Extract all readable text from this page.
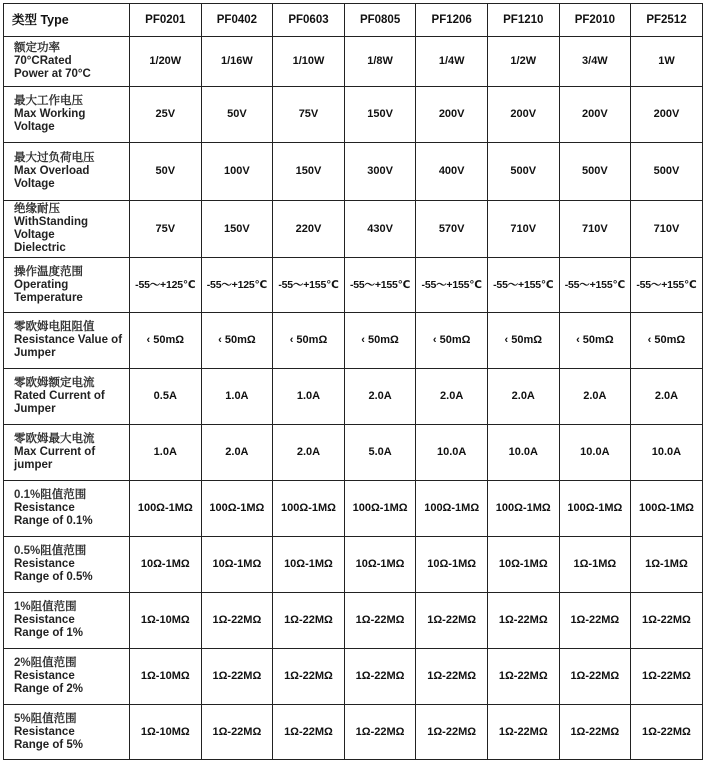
类型 Type	PF0201	PF0402	PF0603	PF0805	PF1206	PF1210	PF2010	PF2512

额定功率
70°CRated
Power at 70°C	1/20W	1/16W	1/10W	1/8W	1/4W	1/2W	3/4W	1W

最大工作电压
Max Working
Voltage	25V	50V	75V	150V	200V	200V	200V	200V

最大过负荷电压
Max Overload
Voltage	50V	100V	150V	300V	400V	500V	500V	500V

绝缘耐压
WithStanding Voltage
Dielectric	75V	150V	220V	430V	570V	710V	710V	710V

操作温度范围
Operating
Temperature	-55～+125℃	-55～+125℃	-55～+155℃	-55～+155℃	-55～+155℃	-55～+155℃	-55～+155℃	-55～+155℃

零欧姆电阻阻值
Resistance Value of
Jumper	‹ 50mΩ	‹ 50mΩ	‹ 50mΩ	‹ 50mΩ	‹ 50mΩ	‹ 50mΩ	‹ 50mΩ	‹ 50mΩ

零欧姆额定电流
Rated Current of
Jumper	0.5A	1.0A	1.0A	2.0A	2.0A	2.0A	2.0A	2.0A

零欧姆最大电流
Max Current of
jumper	1.0A	2.0A	2.0A	5.0A	10.0A	10.0A	10.0A	10.0A

0.1%阻值范围
Resistance
Range of 0.1%	100Ω-1MΩ	100Ω-1MΩ	100Ω-1MΩ	100Ω-1MΩ	100Ω-1MΩ	100Ω-1MΩ	100Ω-1MΩ	100Ω-1MΩ

0.5%阻值范围
Resistance
Range of 0.5%	10Ω-1MΩ	10Ω-1MΩ	10Ω-1MΩ	10Ω-1MΩ	10Ω-1MΩ	10Ω-1MΩ	1Ω-1MΩ	1Ω-1MΩ

1%阻值范围
Resistance
Range of 1%	1Ω-10MΩ	1Ω-22MΩ	1Ω-22MΩ	1Ω-22MΩ	1Ω-22MΩ	1Ω-22MΩ	1Ω-22MΩ	1Ω-22MΩ

2%阻值范围
Resistance
Range of 2%	1Ω-10MΩ	1Ω-22MΩ	1Ω-22MΩ	1Ω-22MΩ	1Ω-22MΩ	1Ω-22MΩ	1Ω-22MΩ	1Ω-22MΩ

5%阻值范围
Resistance
Range of 5%	1Ω-10MΩ	1Ω-22MΩ	1Ω-22MΩ	1Ω-22MΩ	1Ω-22MΩ	1Ω-22MΩ	1Ω-22MΩ	1Ω-22MΩ
